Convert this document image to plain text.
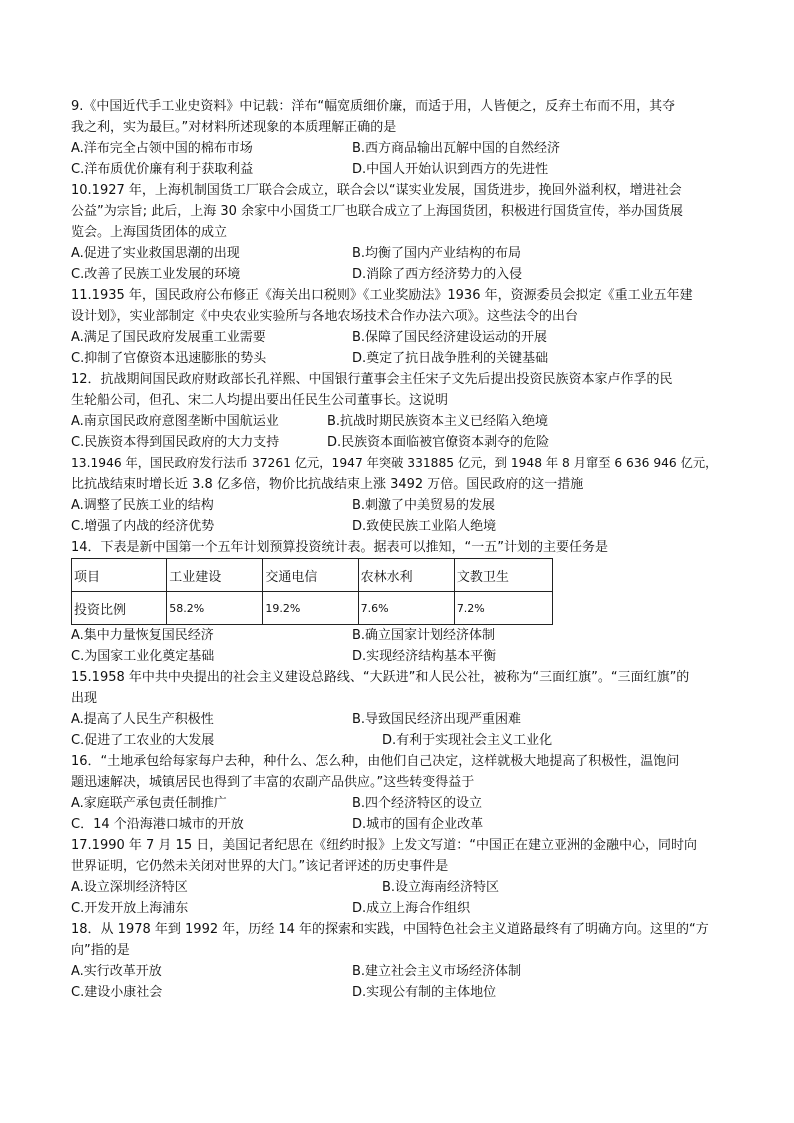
9.《中国近代手工业史资料》中记载：洋布“幅宽质细价廉，而适于用，人皆便之，反弃土布而不用，其夺
我之利，实为最巨。”对材料所述现象的本质理解正确的是
A.洋布完全占领中国的棉布市场	B.西方商品输出瓦解中国的自然经济
C.洋布质优价廉有利于获取利益	D.中国人开始认识到西方的先进性
10.1927 年，上海机制国货工厂联合会成立，联合会以“谋实业发展，国货进步，挽回外溢利权，增进社会
公益”为宗旨; 此后，上海 30 余家中小国货工厂也联合成立了上海国货团，积极进行国货宣传，举办国货展
览会。上海国货团体的成立
A.促进了实业救国思潮的出现	B.均衡了国内产业结构的布局
C.改善了民族工业发展的环境	D.消除了西方经济势力的入侵
11.1935 年，国民政府公布修正《海关出口税则》《工业奖励法》1936 年，资源委员会拟定《重工业五年建
设计划》，实业部制定《中央农业实验所与各地农场技术合作办法六项》。这些法令的出台
A.满足了国民政府发展重工业需要	B.保障了国民经济建设运动的开展
C.抑制了官僚资本迅速膨胀的势头	D.奠定了抗日战争胜利的关键基础
12．抗战期间国民政府财政部长孔祥熙、中国银行董事会主任宋子文先后提出投资民族资本家卢作孚的民
生轮船公司，但孔、宋二人均提出要出任民生公司董事长。这说明
A.南京国民政府意图垄断中国航运业	B.抗战时期民族资本主义已经陷入绝境
C.民族资本得到国民政府的大力支持	D.民族资本面临被官僚资本剥夺的危险
13.1946 年，国民政府发行法币 37261 亿元，1947 年突破 331885 亿元，到 1948 年 8 月窜至 6 636 946 亿元，
比抗战结束时增长近 3.8 亿多倍，物价比抗战结束上涨 3492 万倍。国民政府的这一措施
A.调整了民族工业的结构	B.刺激了中美贸易的发展
C.增强了内战的经济优势	D.致使民族工业陷人绝境
14．下表是新中国第一个五年计划预算投资统计表。据表可以推知，“一五”计划的主要任务是
项目	工业建设	交通电信	农林水利	文教卫生
投资比例	58.2%	19.2%	7.6%	7.2%
A.集中力量恢复国民经济	B.确立国家计划经济体制
C.为国家工业化奠定基础	D.实现经济结构基本平衡
15.1958 年中共中央提出的社会主义建设总路线、“大跃进”和人民公社，被称为“三面红旗”。“三面红旗”的
出现
A.提高了人民生产积极性	B.导致国民经济出现严重困难
C.促进了工农业的大发展	D.有利于实现社会主义工业化
16．“土地承包给每家每户去种，种什么、怎么种，由他们自己决定，这样就极大地提高了积极性，温饱问
题迅速解决，城镇居民也得到了丰富的农副产品供应。”这些转变得益于
A.家庭联产承包责任制推广	B.四个经济特区的设立
C．14 个沿海港口城市的开放	D.城市的国有企业改革
17.1990 年 7 月 15 日，美国记者纪思在《纽约时报》上发文写道：“中国正在建立亚洲的金融中心，同时向
世界证明，它仍然未关闭对世界的大门。”该记者评述的历史事件是
A.设立深圳经济特区	B.设立海南经济特区
C.开发开放上海浦东	D.成立上海合作组织
18．从 1978 年到 1992 年，历经 14 年的探索和实践，中国特色社会主义道路最终有了明确方向。这里的“方
向”指的是
A.实行改革开放	B.建立社会主义市场经济体制
C.建设小康社会	D.实现公有制的主体地位
